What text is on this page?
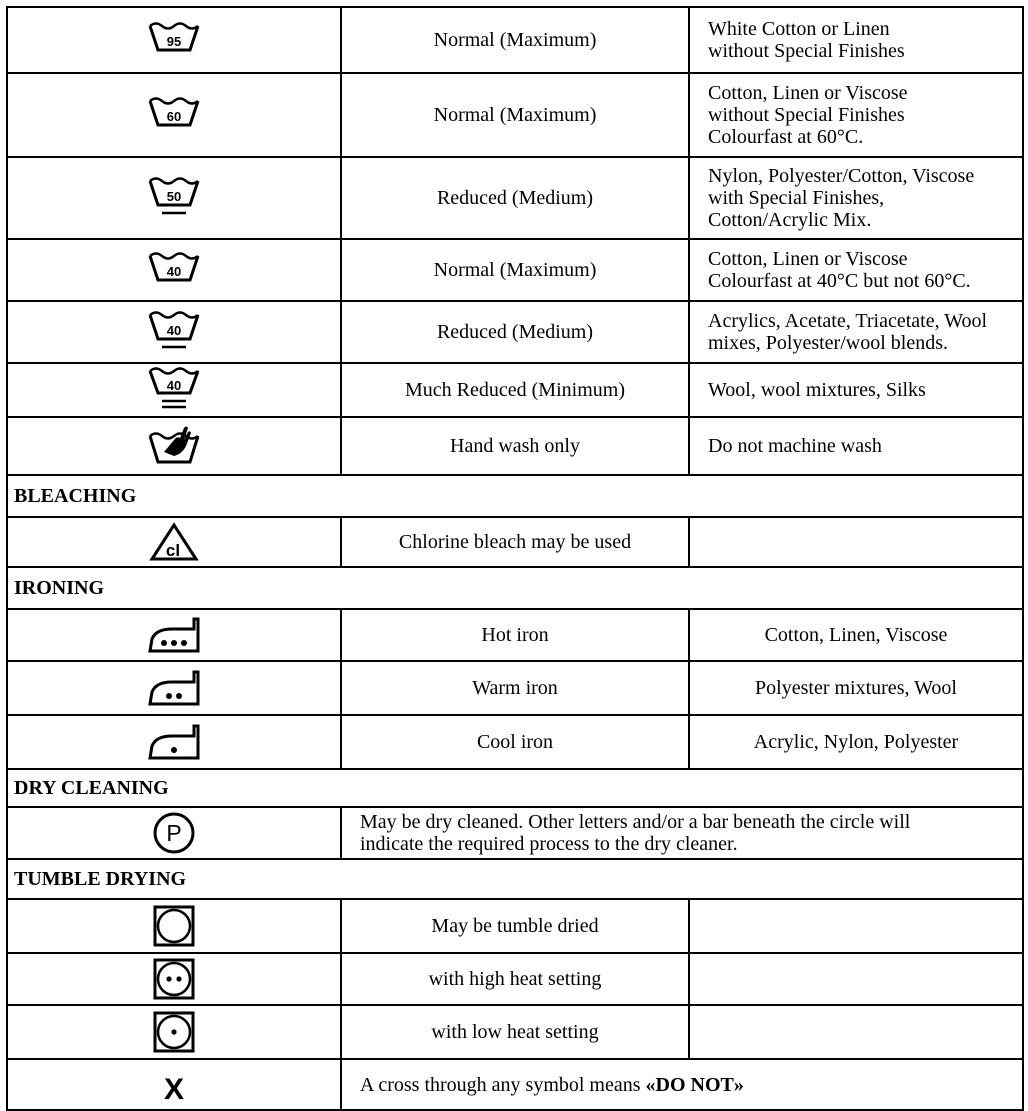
95	Normal (Maximum)	White Cotton or Linen
without Special Finishes

60	Normal (Maximum)	Cotton, Linen or Viscose
without Special Finishes
Colourfast at 60°C.

50	Reduced (Medium)	Nylon, Polyester/Cotton, Viscose
with Special Finishes,
Cotton/Acrylic Mix.

40	Normal (Maximum)	Cotton, Linen or Viscose
Colourfast at 40°C but not 60°C.

40	Reduced (Medium)	Acrylics, Acetate, Triacetate, Wool
mixes, Polyester/wool blends.

40	Much Reduced (Minimum)	Wool, wool mixtures, Silks

	Hand wash only	Do not machine wash

BLEACHING		

cl	Chlorine bleach may be used	
IRONING		
	Hot iron	Cotton, Linen, Viscose
	Warm iron	Polyester mixtures, Wool
	Cool iron	Acrylic, Nylon, Polyester
DRY CLEANING		

P	May be dry cleaned. Other letters and/or a bar beneath the circle will
indicate the required process to the dry cleaner.	

TUMBLE DRYING		
	May be tumble dried	
	with high heat setting	
	with low heat setting	

X	A cross through any symbol means «DO NOT»	
